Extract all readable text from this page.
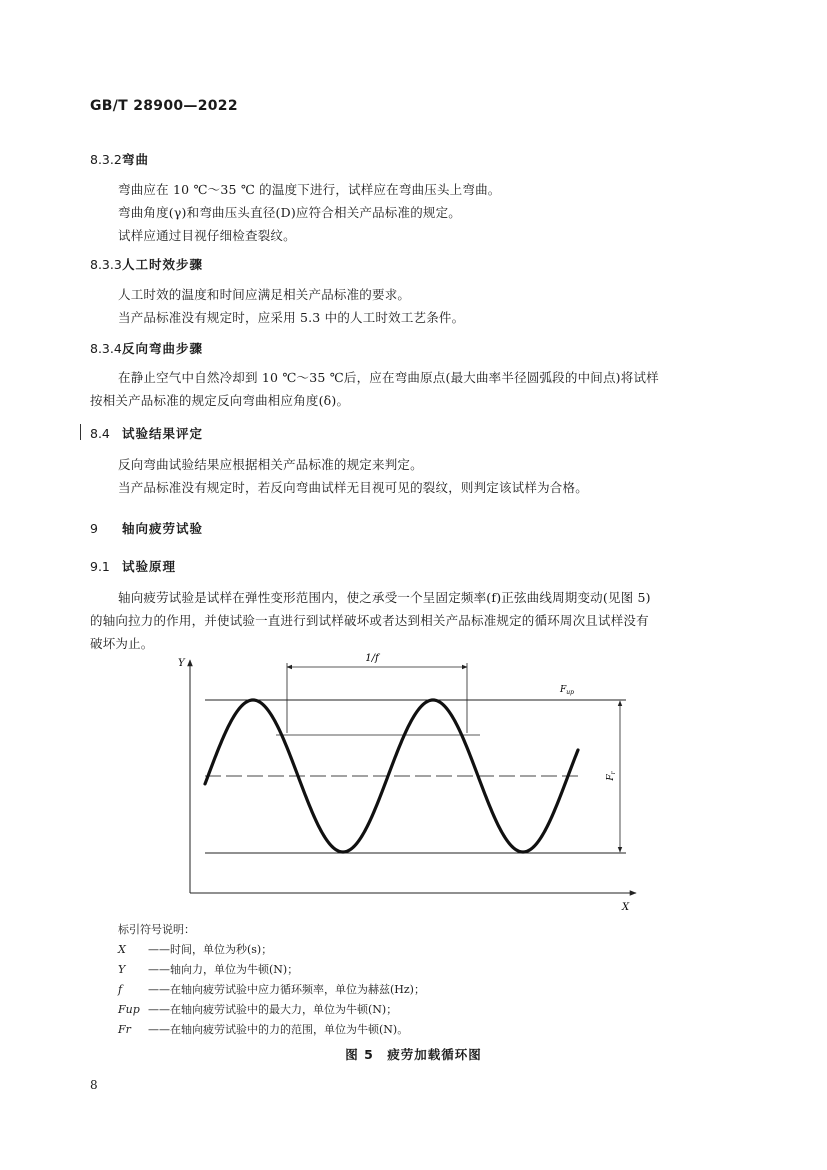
GB/T 28900—2022
8.3.2弯曲
弯曲应在 10 ℃～35 ℃ 的温度下进行，试样应在弯曲压头上弯曲。
弯曲角度(γ)和弯曲压头直径(D)应符合相关产品标准的规定。
试样应通过目视仔细检查裂纹。
8.3.3人工时效步骤
人工时效的温度和时间应满足相关产品标准的要求。
当产品标准没有规定时，应采用 5.3 中的人工时效工艺条件。
8.3.4反向弯曲步骤
在静止空气中自然冷却到 10 ℃～35 ℃后，应在弯曲原点(最大曲率半径圆弧段的中间点)将试样
按相关产品标准的规定反向弯曲相应角度(δ)。
8.4 试验结果评定
反向弯曲试验结果应根据相关产品标准的规定来判定。
当产品标准没有规定时，若反向弯曲试样无目视可见的裂纹，则判定该试样为合格。
9 轴向疲劳试验
9.1 试验原理
轴向疲劳试验是试样在弹性变形范围内，使之承受一个呈固定频率(f)正弦曲线周期变动(见图 5)
的轴向拉力的作用，并使试验一直进行到试样破坏或者达到相关产品标准规定的循环周次且试样没有
破坏为止。
Y
X
1/f
$F_r$
$F_{up}$
标引符号说明：
X ——时间，单位为秒(s)；
Y ——轴向力，单位为牛顿(N)；
f ——在轴向疲劳试验中应力循环频率，单位为赫兹(Hz)；
Fup ——在轴向疲劳试验中的最大力，单位为牛顿(N)；
Fr ——在轴向疲劳试验中的力的范围，单位为牛顿(N)。
图 5　疲劳加载循环图
8
